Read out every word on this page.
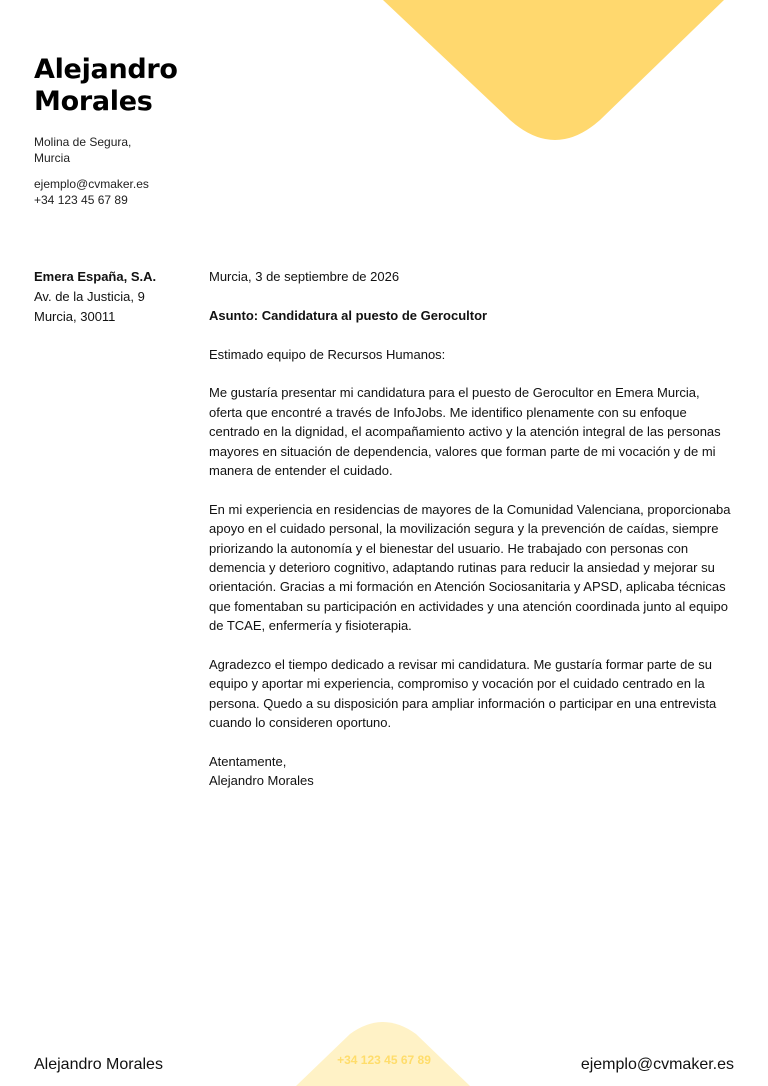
Alejandro
Morales
Molina de Segura,
Murcia
ejemplo@cvmaker.es
+34 123 45 67 89
Emera España, S.A.
Av. de la Justicia, 9
Murcia, 30011

Murcia, 3 de septiembre de 2026

Asunto: Candidatura al puesto de Gerocultor

Estimado equipo de Recursos Humanos:

Me gustaría presentar mi candidatura para el puesto de Gerocultor en Emera Murcia, oferta que encontré a través de InfoJobs. Me identifico plenamente con su enfoque centrado en la dignidad, el acompañamiento activo y la atención integral de las personas mayores en situación de dependencia, valores que forman parte de mi vocación y de mi manera de entender el cuidado.

En mi experiencia en residencias de mayores de la Comunidad Valenciana, proporcionaba apoyo en el cuidado personal, la movilización segura y la prevención de caídas, siempre priorizando la autonomía y el bienestar del usuario. He trabajado con personas con demencia y deterioro cognitivo, adaptando rutinas para reducir la ansiedad y mejorar su orientación. Gracias a mi formación en Atención Sociosanitaria y APSD, aplicaba técnicas que fomentaban su participación en actividades y una atención coordinada junto al equipo de TCAE, enfermería y fisioterapia.

Agradezco el tiempo dedicado a revisar mi candidatura. Me gustaría formar parte de su equipo y aportar mi experiencia, compromiso y vocación por el cuidado centrado en la persona. Quedo a su disposición para ampliar información o participar en una entrevista cuando lo consideren oportuno.

Atentamente,
Alejandro Morales
Alejandro Morales	+34 123 45 67 89	ejemplo@cvmaker.es
